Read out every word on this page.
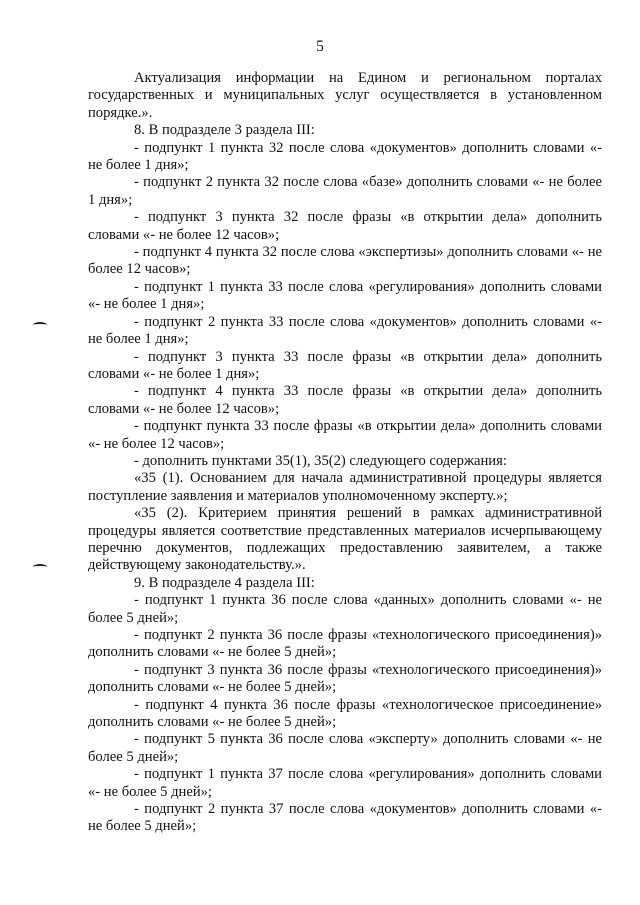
5

Актуализация информации на Едином и региональном порталах государственных и муниципальных услуг осуществляется в установленном порядке.».

8. В подразделе 3 раздела III:

- подпункт 1 пункта 32 после слова «документов» дополнить словами «- не более 1 дня»;

- подпункт 2 пункта 32 после слова «базе» дополнить словами «- не более 1 дня»;

- подпункт 3 пункта 32 после фразы «в открытии дела» дополнить словами «- не более 12 часов»;

- подпункт 4 пункта 32 после слова «экспертизы» дополнить словами «- не более 12 часов»;

- подпункт 1 пункта 33 после слова «регулирования» дополнить словами «- не более 1 дня»;

- подпункт 2 пункта 33 после слова «документов» дополнить словами «- не более 1 дня»;

- подпункт 3 пункта 33 после фразы «в открытии дела» дополнить словами «- не более 1 дня»;

- подпункт 4 пункта 33 после фразы «в открытии дела» дополнить словами «- не более 12 часов»;

- подпункт пункта 33 после фразы «в открытии дела» дополнить словами «- не более 12 часов»;

- дополнить пунктами 35(1), 35(2) следующего содержания:

«35 (1). Основанием для начала административной процедуры является поступление заявления и материалов уполномоченному эксперту.»;

«35 (2). Критерием принятия решений в рамках административной процедуры является соответствие представленных материалов исчерпывающему перечню документов, подлежащих предоставлению заявителем, а также действующему законодательству.».

9. В подразделе 4 раздела III:

- подпункт 1 пункта 36 после слова «данных» дополнить словами «- не более 5 дней»;

- подпункт 2 пункта 36 после фразы «технологического присоединения)» дополнить словами «- не более 5 дней»;

- подпункт 3 пункта 36 после фразы «технологического присоединения)» дополнить словами «- не более 5 дней»;

- подпункт 4 пункта 36 после фразы «технологическое присоединение» дополнить словами «- не более 5 дней»;

- подпункт 5 пункта 36 после слова «эксперту» дополнить словами «- не более 5 дней»;

- подпункт 1 пункта 37 после слова «регулирования» дополнить словами «- не более 5 дней»;

- подпункт 2 пункта 37 после слова «документов» дополнить словами «- не более 5 дней»;
